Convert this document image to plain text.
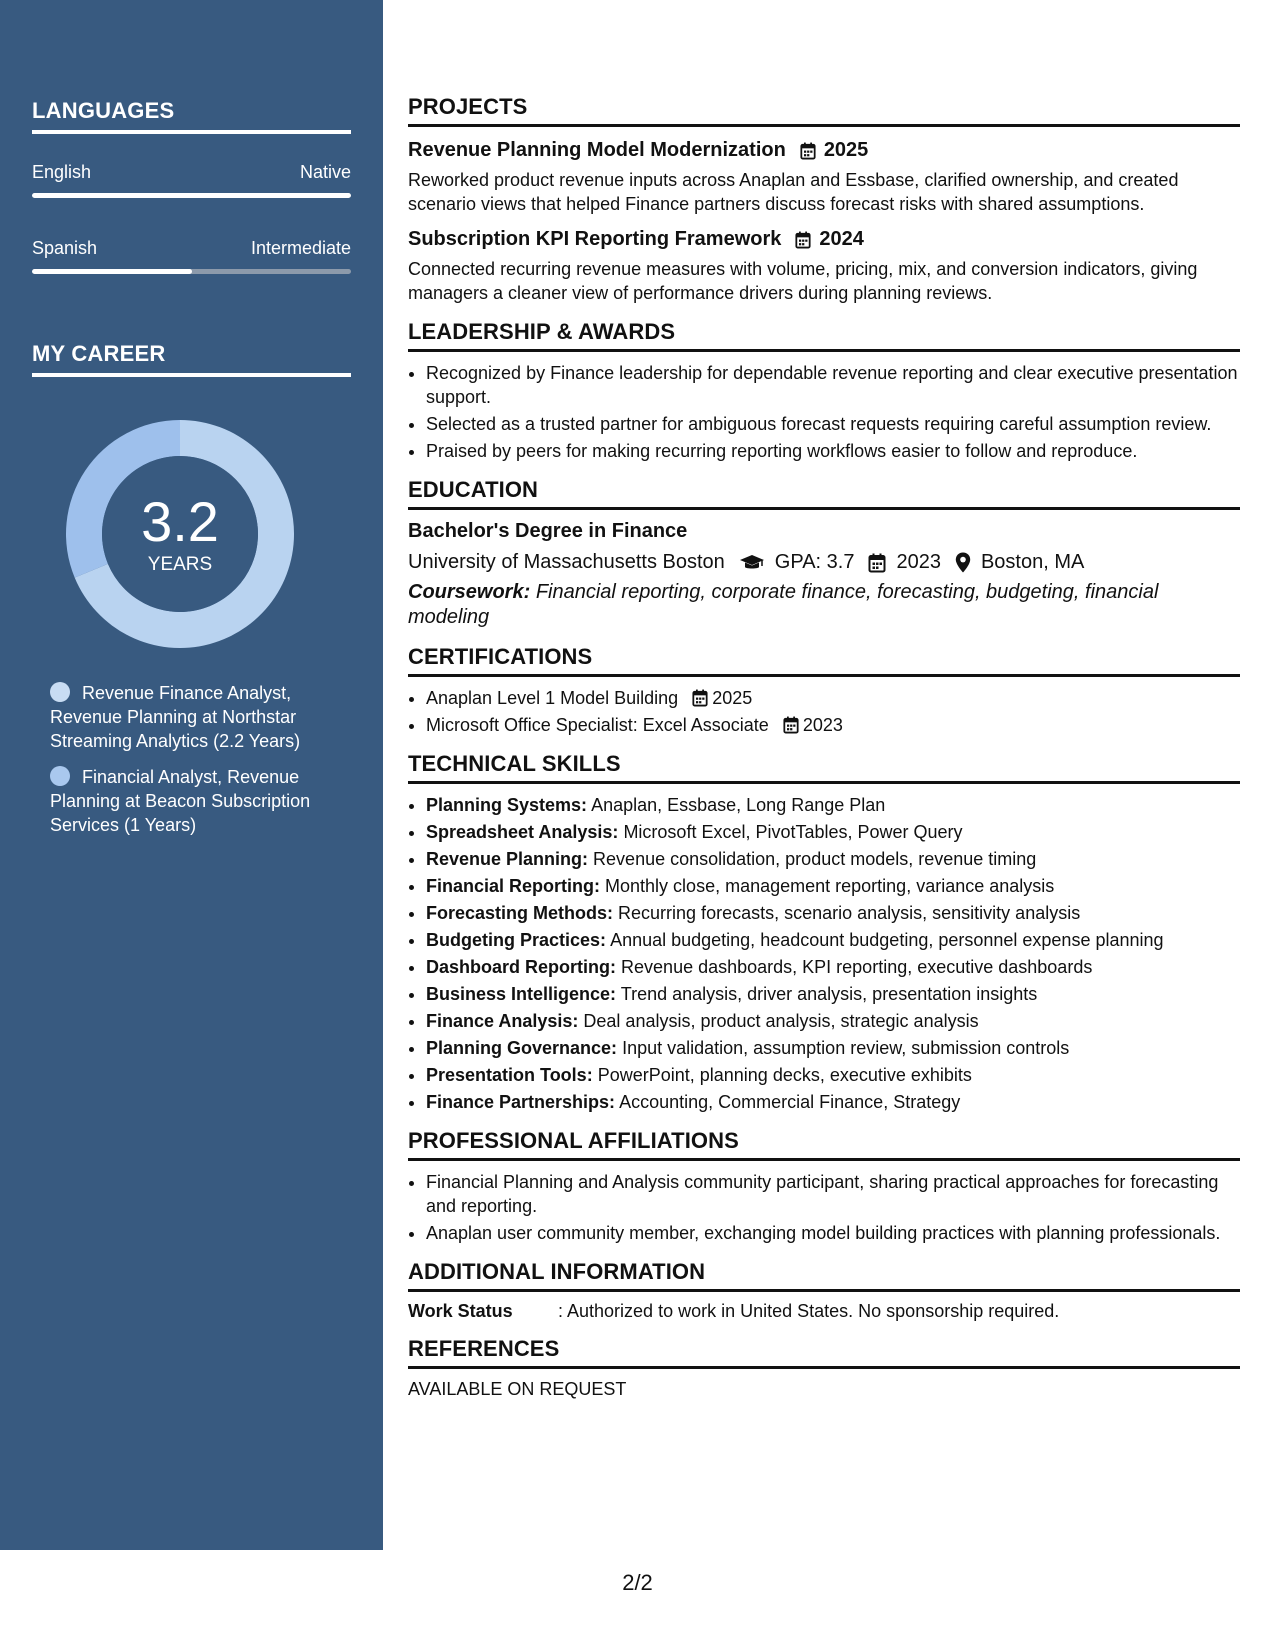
LANGUAGES
English	Native
Spanish	Intermediate
MY CAREER
3.2
YEARS
Revenue Finance Analyst, Revenue Planning at Northstar Streaming Analytics (2.2 Years)
Financial Analyst, Revenue Planning at Beacon Subscription Services (1 Years)
PROJECTS
Revenue Planning Model Modernization 2025
Reworked product revenue inputs across Anaplan and Essbase, clarified ownership, and created scenario views that helped Finance partners discuss forecast risks with shared assumptions.
Subscription KPI Reporting Framework 2024
Connected recurring revenue measures with volume, pricing, mix, and conversion indicators, giving managers a cleaner view of performance drivers during planning reviews.
LEADERSHIP & AWARDS
• Recognized by Finance leadership for dependable revenue reporting and clear executive presentation support.
• Selected as a trusted partner for ambiguous forecast requests requiring careful assumption review.
• Praised by peers for making recurring reporting workflows easier to follow and reproduce.
EDUCATION
Bachelor's Degree in Finance
University of Massachusetts Boston	GPA: 3.7 2023 Boston, MA
Coursework: Financial reporting, corporate finance, forecasting, budgeting, financial modeling
CERTIFICATIONS
• Anaplan Level 1 Model Building 2025
• Microsoft Office Specialist: Excel Associate 2023
TECHNICAL SKILLS
• Planning Systems: Anaplan, Essbase, Long Range Plan
• Spreadsheet Analysis: Microsoft Excel, PivotTables, Power Query
• Revenue Planning: Revenue consolidation, product models, revenue timing
• Financial Reporting: Monthly close, management reporting, variance analysis
• Forecasting Methods: Recurring forecasts, scenario analysis, sensitivity analysis
• Budgeting Practices: Annual budgeting, headcount budgeting, personnel expense planning
• Dashboard Reporting: Revenue dashboards, KPI reporting, executive dashboards
• Business Intelligence: Trend analysis, driver analysis, presentation insights
• Finance Analysis: Deal analysis, product analysis, strategic analysis
• Planning Governance: Input validation, assumption review, submission controls
• Presentation Tools: PowerPoint, planning decks, executive exhibits
• Finance Partnerships: Accounting, Commercial Finance, Strategy
PROFESSIONAL AFFILIATIONS
• Financial Planning and Analysis community participant, sharing practical approaches for forecasting and reporting.
• Anaplan user community member, exchanging model building practices with planning professionals.
ADDITIONAL INFORMATION
Work Status	: Authorized to work in United States. No sponsorship required.
REFERENCES
AVAILABLE ON REQUEST
2/2
